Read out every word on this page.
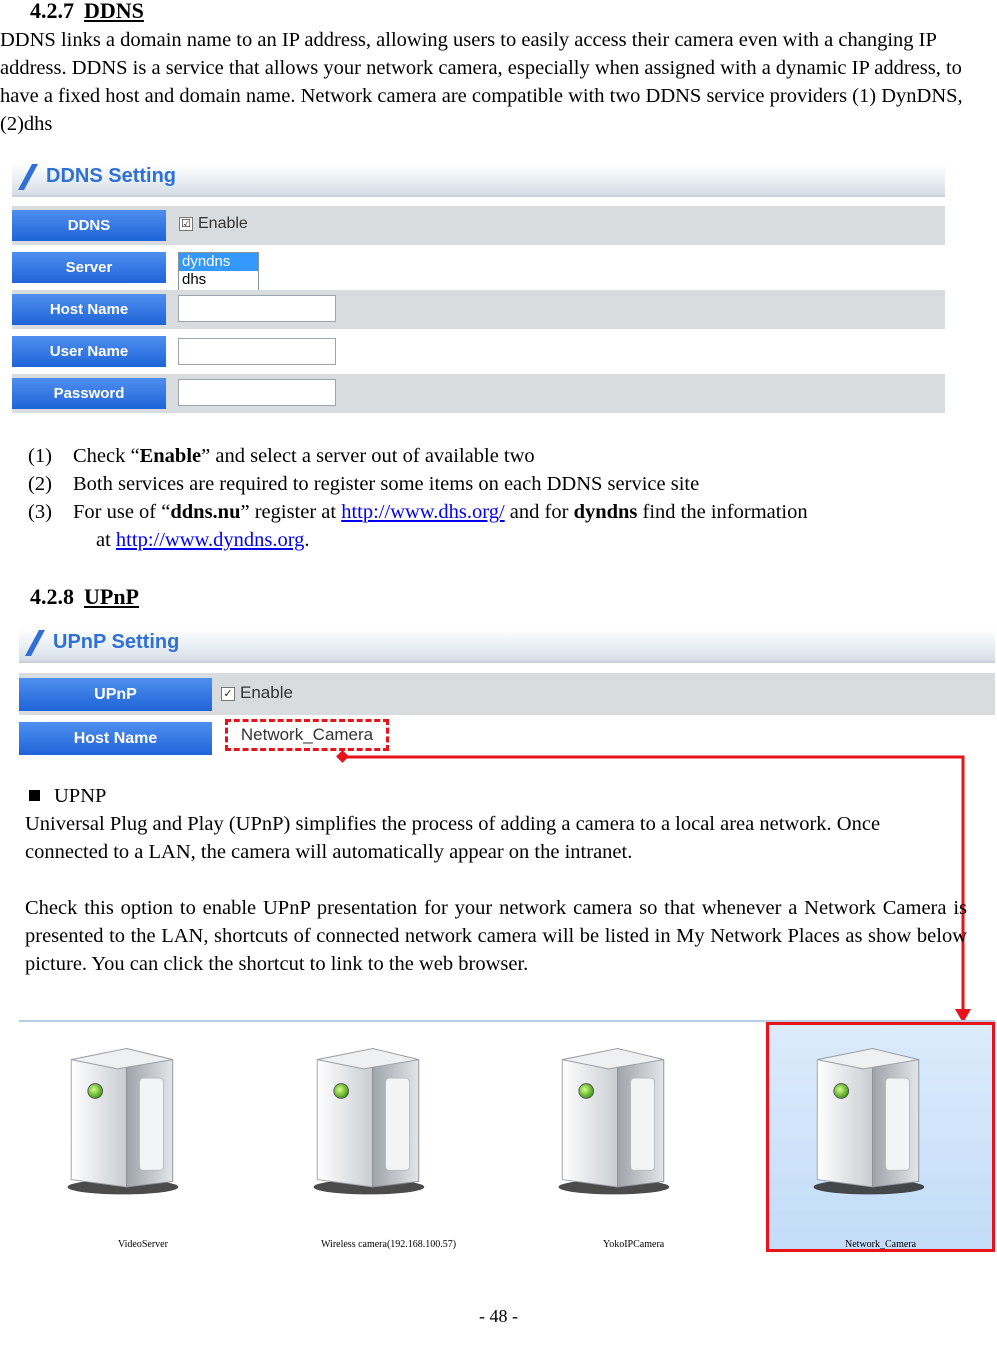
4.2.7 DDNS
DDNS links a domain name to an IP address, allowing users to easily access their camera even with a changing IP address. DDNS is a service that allows your network camera, especially when assigned with a dynamic IP address, to have a fixed host and domain name. Network camera are compatible with two DDNS service providers (1) DynDNS, (2)dhs
DDNS Setting
DDNS	☑ Enable
Server	dyndns
dhs
Host Name
User Name
Password
(1) Check “Enable” and select a server out of available two
(2) Both services are required to register some items on each DDNS service site
(3) For use of “ddns.nu” register at http://www.dhs.org/ and for dyndns find the information
at http://www.dyndns.org.
4.2.8 UPnP
UPnP Setting
UPnP	✓ Enable
Host Name	Network_Camera
UPNP
Universal Plug and Play (UPnP) simplifies the process of adding a camera to a local area network. Once connected to a LAN, the camera will automatically appear on the intranet.
Check this option to enable UPnP presentation for your network camera so that whenever a Network Camera is presented to the LAN, shortcuts of connected network camera will be listed in My Network Places as show below picture. You can click the shortcut to link to the web browser.
VideoServer	Wireless camera(192.168.100.57)	YokoIPCamera	Network_Camera
- 48 -
